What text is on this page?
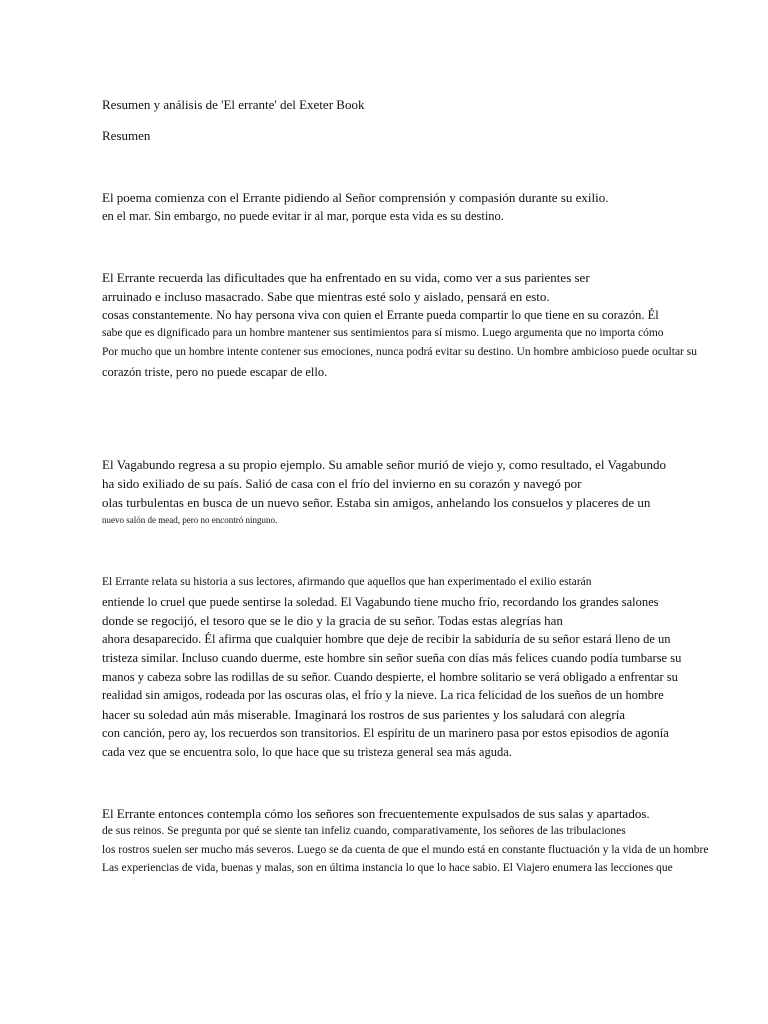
Resumen y análisis de 'El errante' del Exeter Book
Resumen
El poema comienza con el Errante pidiendo al Señor comprensión y compasión durante su exilio.
en el mar. Sin embargo, no puede evitar ir al mar, porque esta vida es su destino.
El Errante recuerda las dificultades que ha enfrentado en su vida, como ver a sus parientes ser
arruinado e incluso masacrado. Sabe que mientras esté solo y aislado, pensará en esto.
cosas constantemente. No hay persona viva con quien el Errante pueda compartir lo que tiene en su corazón. Él
sabe que es dignificado para un hombre mantener sus sentimientos para sí mismo. Luego argumenta que no importa cómo
Por mucho que un hombre intente contener sus emociones, nunca podrá evitar su destino. Un hombre ambicioso puede ocultar su
corazón triste, pero no puede escapar de ello.
El Vagabundo regresa a su propio ejemplo. Su amable señor murió de viejo y, como resultado, el Vagabundo
ha sido exiliado de su país. Salió de casa con el frío del invierno en su corazón y navegó por
olas turbulentas en busca de un nuevo señor. Estaba sin amigos, anhelando los consuelos y placeres de un
nuevo salón de mead, pero no encontró ninguno.
El Errante relata su historia a sus lectores, afirmando que aquellos que han experimentado el exilio estarán
entiende lo cruel que puede sentirse la soledad. El Vagabundo tiene mucho frío, recordando los grandes salones
donde se regocijó, el tesoro que se le dio y la gracia de su señor. Todas estas alegrías han
ahora desaparecido. Él afirma que cualquier hombre que deje de recibir la sabiduría de su señor estará lleno de un
tristeza similar. Incluso cuando duerme, este hombre sin señor sueña con días más felices cuando podía tumbarse su
manos y cabeza sobre las rodillas de su señor. Cuando despierte, el hombre solitario se verá obligado a enfrentar su
realidad sin amigos, rodeada por las oscuras olas, el frío y la nieve. La rica felicidad de los sueños de un hombre
hacer su soledad aún más miserable. Imaginará los rostros de sus parientes y los saludará con alegría
con canción, pero ay, los recuerdos son transitorios. El espíritu de un marinero pasa por estos episodios de agonía
cada vez que se encuentra solo, lo que hace que su tristeza general sea más aguda.
El Errante entonces contempla cómo los señores son frecuentemente expulsados de sus salas y apartados.
de sus reinos. Se pregunta por qué se siente tan infeliz cuando, comparativamente, los señores de las tribulaciones
los rostros suelen ser mucho más severos. Luego se da cuenta de que el mundo está en constante fluctuación y la vida de un hombre
Las experiencias de vida, buenas y malas, son en última instancia lo que lo hace sabio. El Viajero enumera las lecciones que
